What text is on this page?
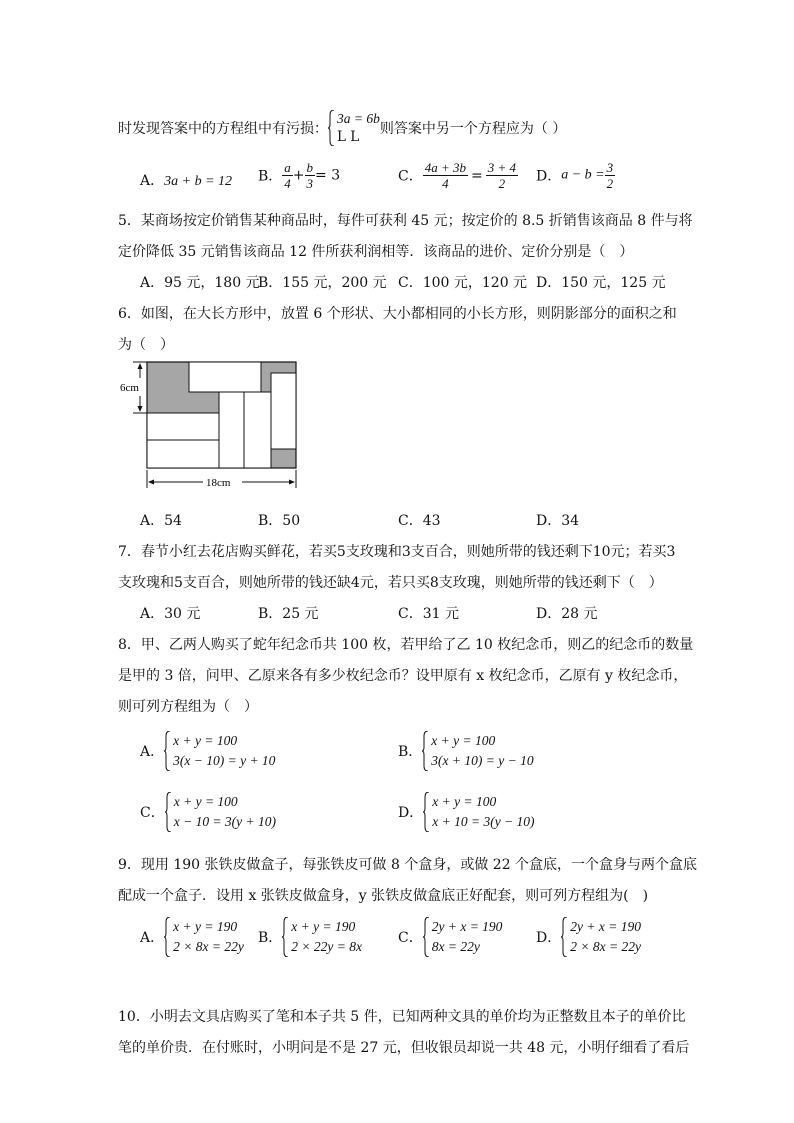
时发现答案中的方程组中有污损：
3a = 6b
L L	则答案中另一个方程应为（ ）
A．3a + b = 12 B． $\frac{a}{4} + \frac{b}{3} = 3$	C． $\frac{4a + 3b}{4} = \frac{3 + 4}{2}$ D．$a - b = \frac{3}{2}$
5．某商场按定价销售某种商品时，每件可获利 45 元；按定价的 8.5 折销售该商品 8 件与将
定价降低 35 元销售该商品 12 件所获利润相等．该商品的进价、定价分别是（　）
A．95 元，180 元
B．155 元，200 元 C．100 元，120 元 D．150 元，125 元
6．如图，在大长方形中，放置 6 个形状、大小都相同的小长方形，则阴影部分的面积之和
为（　）
6cm
18cm
A．54	B．50	C．43	D．34
7．春节小红去花店购买鲜花，若买5支玫瑰和3支百合，则她所带的钱还剩下10元；若买3
支玫瑰和5支百合，则她所带的钱还缺4元，若只买8支玫瑰，则她所带的钱还剩下（　）
A．30 元	B．25 元	C．31 元	D．28 元
8．甲、乙两人购买了蛇年纪念币共 100 枚，若甲给了乙 10 枚纪念币，则乙的纪念币的数量
是甲的 3 倍，问甲、乙原来各有多少枚纪念币？设甲原有 x 枚纪念币，乙原有 y 枚纪念币，
则可列方程组为（　）
A．
x + y = 100
3(x − 10) = y + 10
B．
x + y = 100
3(x + 10) = y − 10
C．
x + y = 100
x − 10 = 3(y + 10)
D．
x + y = 100
x + 10 = 3(y − 10)
9．现用 190 张铁皮做盒子，每张铁皮可做 8 个盒身，或做 22 个盒底，一个盒身与两个盒底
配成一个盒子．设用 x 张铁皮做盒身，y 张铁皮做盒底正好配套，则可列方程组为(　)
A．
x + y = 190
2 × 8x = 22y
B．
x + y = 190
2 × 22y = 8x
C．
2y + x = 190
8x = 22y
D．
2y + x = 190
2 × 8x = 22y
10．小明去文具店购买了笔和本子共 5 件，已知两种文具的单价均为正整数且本子的单价比
笔的单价贵．在付账时，小明问是不是 27 元，但收银员却说一共 48 元，小明仔细看了看后
